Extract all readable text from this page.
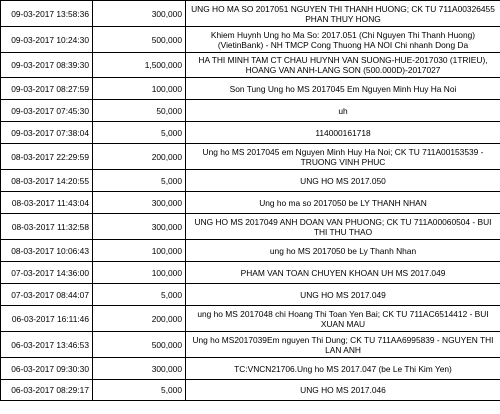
09-03-2017 13:58:36	300,000	UNG HO MA SO 2017051 NGUYEN THI THANH HUONG; CK TU 711A00326455 PHAN THUY HONG
09-03-2017 10:24:30	500,000	Khiem Huynh Ung ho Ma So: 2017.051 (Chi Nguyen Thi Thanh Huong) (VietinBank) - NH TMCP Cong Thuong HA NOI Chi nhanh Dong Da
09-03-2017 08:39:30	1,500,000	HA THI MINH TAM CT CHAU HUYNH VAN SUONG-HUE-2017030 (1TRIEU), HOANG VAN ANH-LANG SON (500.000D)-2017027
09-03-2017 08:27:59	100,000	Son Tung Ung ho MS 2017045 Em Nguyen Minh Huy Ha Noi
09-03-2017 07:45:30	50,000	uh
09-03-2017 07:38:04	5,000	114000161718
08-03-2017 22:29:59	200,000	Ung ho MS 2017045 em Nguyen Minh Huy Ha Noi; CK TU 711A00153539 - TRUONG VINH PHUC
08-03-2017 14:20:55	5,000	UNG HO MS 2017.050
08-03-2017 11:43:04	300,000	Ung ho ma so 2017050 be LY THANH NHAN
08-03-2017 11:32:58	300,000	UNG HO MS 2017049 ANH DOAN VAN PHUONG; CK TU 711A00060504 - BUI THI THU THAO
08-03-2017 10:06:43	100,000	ung ho MS 2017050 be Ly Thanh Nhan
07-03-2017 14:36:00	100,000	PHAM VAN TOAN CHUYEN KHOAN UH MS 2017.049
07-03-2017 08:44:07	5,000	UNG HO MS 2017.049
06-03-2017 16:11:46	200,000	ung ho MS 2017048 chi Hoang Thi Toan Yen Bai; CK TU 711AC6514412 - BUI XUAN MAU
06-03-2017 13:46:53	500,000	Ung ho MS2017039Em nguyen Thi Dung; CK TU 711AA6995839 - NGUYEN THI LAN ANH
06-03-2017 09:30:30	300,000	TC:VNCN21706.Ung ho MS 2017.047 (be Le Thi Kim Yen)
06-03-2017 08:29:17	5,000	UNG HO MS 2017.046
